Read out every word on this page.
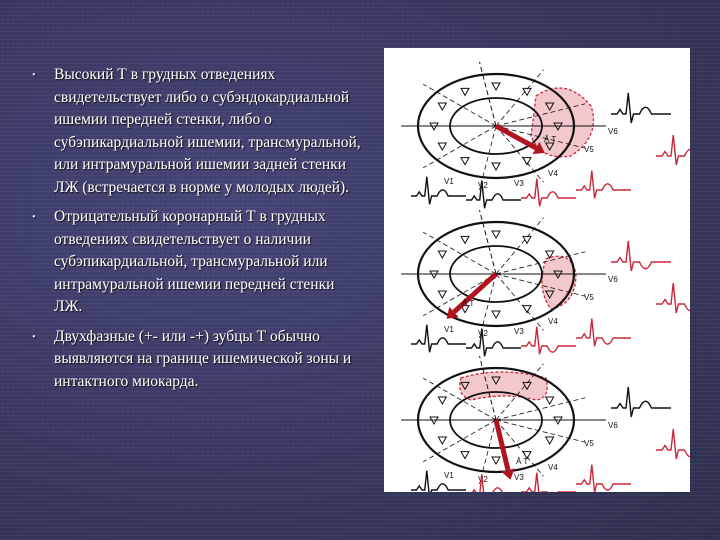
• Высокий Т в грудных отведениях свидетельствует либо о субэндокардиальной ишемии передней стенки, либо о субэпикардиальной ишемии, трансмуральной, или интрамуральной ишемии задней стенки ЛЖ (встречается в норме у молодых людей).
• Отрицательный коронарный Т в грудных отведениях свидетельствует о наличии субэпикардиальной, трансмуральной или интрамуральной ишемии передней стенки ЛЖ.
• Двухфазные (+- или -+) зубцы Т обычно выявляются на границе ишемической зоны и интактного миокарда.
Â T
V1	V2	V3
V4
V5
V6
Â T
V1	V2	V3
V4
V5
V6
Â T
V1	V2	V3
V4
V5
V6
